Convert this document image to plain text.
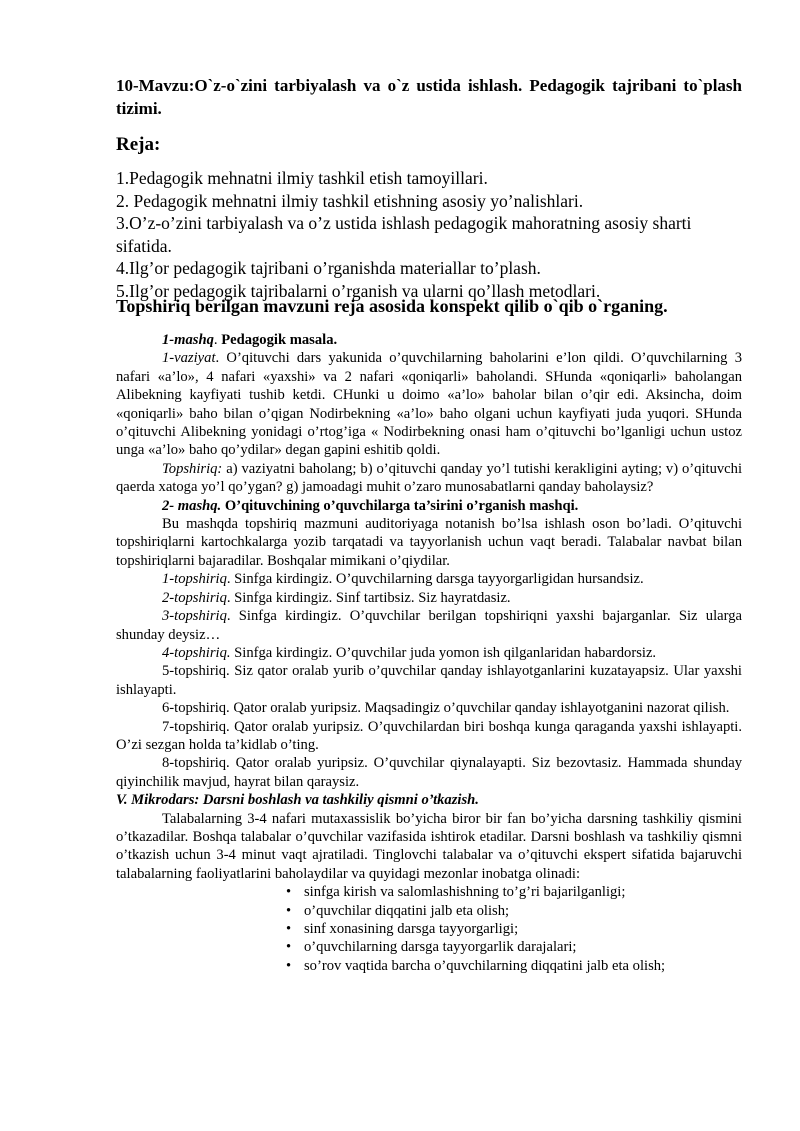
10-Mavzu:O`z-o`zini tarbiyalash va o`z ustida ishlash. Pedagogik tajribani to`plash tizimi.
Reja:
1.Pedagogik mehnatni ilmiy tashkil etish tamoyillari.
2. Pedagogik mehnatni ilmiy tashkil etishning asosiy yo’nalishlari.
3.O’z-o’zini tarbiyalash va o’z ustida ishlash pedagogik mahoratning asosiy sharti sifatida.
4.Ilg’or pedagogik tajribani o’rganishda materiallar to’plash.
5.Ilg’or pedagogik tajribalarni o’rganish va ularni qo’llash metodlari.
Topshiriq berilgan mavzuni reja asosida konspekt qilib o`qib o`rganing.

1-mashq. Pedagogik masala.

1-vaziyat. O’qituvchi dars yakunida o’quvchilarning baholarini e’lon qildi. O’quvchilarning 3 nafari «a’lo», 4 nafari «yaxshi» va 2 nafari «qoniqarli» baholandi. SHunda «qoniqarli» baholangan Alibekning kayfiyati tushib ketdi. CHunki u doimo «a’lo» baholar bilan o’qir edi. Aksincha, doim «qoniqarli» baho bilan o’qigan Nodirbekning «a’lo» baho olgani uchun kayfiyati juda yuqori. SHunda o’qituvchi Alibekning yonidagi o’rtog’iga « Nodirbekning onasi ham o’qituvchi bo’lganligi uchun ustoz unga «a’lo» baho qo’ydilar» degan gapini eshitib qoldi.

Topshiriq: a) vaziyatni baholang; b) o’qituvchi qanday yo’l tutishi kerakligini ayting; v) o’qituvchi qaerda xatoga yo’l qo’ygan? g) jamoadagi muhit o’zaro munosabatlarni qanday baholaysiz?

2- mashq. O’qituvchining o’quvchilarga ta’sirini o’rganish mashqi.

Bu mashqda topshiriq mazmuni auditoriyaga notanish bo’lsa ishlash oson bo’ladi. O’qituvchi topshiriqlarni kartochkalarga yozib tarqatadi va tayyorlanish uchun vaqt beradi. Talabalar navbat bilan topshiriqlarni bajaradilar. Boshqalar mimikani o’qiydilar.

1-topshiriq. Sinfga kirdingiz. O’quvchilarning darsga tayyorgarligidan hursandsiz.

2-topshiriq. Sinfga kirdingiz. Sinf tartibsiz. Siz hayratdasiz.

3-topshiriq. Sinfga kirdingiz. O’quvchilar berilgan topshiriqni yaxshi bajarganlar. Siz ularga shunday deysiz…

4-topshiriq. Sinfga kirdingiz. O’quvchilar juda yomon ish qilganlaridan habardorsiz.

5-topshiriq. Siz qator oralab yurib o’quvchilar qanday ishlayotganlarini kuzatayapsiz. Ular yaxshi ishlayapti.

6-topshiriq. Qator oralab yuripsiz. Maqsadingiz o’quvchilar qanday ishlayotganini nazorat qilish.

7-topshiriq. Qator oralab yuripsiz. O’quvchilardan biri boshqa kunga qaraganda yaxshi ishlayapti. O’zi sezgan holda ta’kidlab o’ting.

8-topshiriq. Qator oralab yuripsiz. O’quvchilar qiynalayapti. Siz bezovtasiz. Hammada shunday qiyinchilik mavjud, hayrat bilan qaraysiz.

V. Mikrodars: Darsni boshlash va tashkiliy qismni o’tkazish.

Talabalarning 3-4 nafari mutaxassislik bo’yicha biror bir fan bo’yicha darsning tashkiliy qismini o’tkazadilar. Boshqa talabalar o’quvchilar vazifasida ishtirok etadilar. Darsni boshlash va tashkiliy qismni o’tkazish uchun 3-4 minut vaqt ajratiladi. Tinglovchi talabalar va o’qituvchi ekspert sifatida bajaruvchi talabalarning faoliyatlarini baholaydilar va quyidagi mezonlar inobatga olinadi:

• sinfga kirish va salomlashishning to’g’ri bajarilganligi;
• o’quvchilar diqqatini jalb eta olish;
• sinf xonasining darsga tayyorgarligi;
• o’quvchilarning darsga tayyorgarlik darajalari;
• so’rov vaqtida barcha o’quvchilarning diqqatini jalb eta olish;
